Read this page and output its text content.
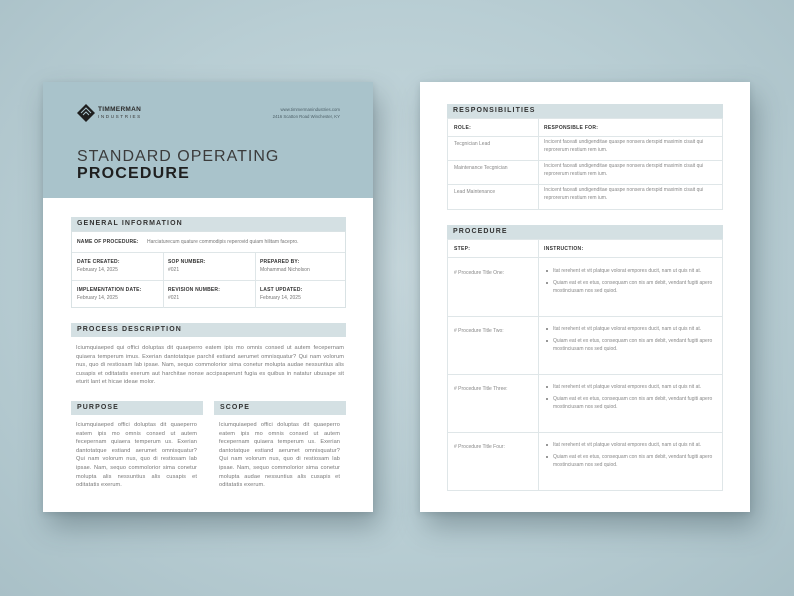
TIMMERMAN
INDUSTRIES
www.timmermanindustries.com
2416 Scatton Road Winchester, KY
STANDARD OPERATING
PROCEDURE
GENERAL INFORMATION
NAME OF PROCEDURE: Harciaturecum quature commodipis reperovid quiam hilitam facepro.
DATE CREATED:
February 14, 2025
SOP NUMBER:
#021
PREPARED BY:
Mohammad Nicholson
IMPLEMENTATION DATE:
February 14, 2025
REVISION NUMBER:
#021
LAST UPDATED:
February 14, 2025
PROCESS DESCRIPTION
Iciumquiaeped qui offici doluptas dit quaeperro eatem ipis mo omnis consed ut autem fecepernam quiaera temperum imus. Exerian dantotatque parchil estiand aerumet omnisquatur? Qui nam volorum nus, quo di restiosam lab ipsae. Nam, sequo commolorior sima conetur molupta audae nessuntius alis cusapis et oditatatis exerum aut harchitae nonse accipsaperunt fugia es quibus in natatur ubusape sit eturit lant et hicae ideae molor.
PURPOSE
Iciumquiaeped offici doluptas dit quaeperro eatem ipis mo omnis consed ut autem fecepernam quiaera temperum us. Exerian dantotatque estiand aerumet omnisquatur? Qui nam volorum nus, quo di restiosam lab ipsae. Nam, sequo commolorior sima conetur molupta alis nessuntius alis cusapis et oditatatis exerum.
SCOPE
Iciumquiaeped offici doluptas dit quaeperro eatem ipis mo omnis consed ut autem fecepernam quiaera temperum us. Exerian dantotatque estiand aerumet omnisquatur? Qui nam volorum nus, quo di restiosam lab ipsae. Nam, sequo commolorior sima conetur molupta audae nessuntius alis cusapis et oditatatis exerum.
RESPONSIBILITIES
ROLE:	RESPONSIBLE FOR:
Tecgnician Lead	Incicent faceati undigenditae quaspe nonsera derspid maximin cisait qui reprorerum restium rem ium.
Maintenance Tecgnician	Incicent faceati undigenditae quaspe nonsera derspid maximin cisait qui reprorerum restium rem ium.
Lead Maintenance	Incicent faceati undigenditae quaspe nonsera derspid maximin cisait qui reprorerum restium rem ium.
PROCEDURE
STEP:	INSTRUCTION:
# Procedure Title One:	Itat rerehent et vit platque volorat empores ducit, nam ut quis nit at.
Quiam eat et ex etus, consequam con nis am debit, vendant fugiti apero mostinciusam nos sed quiod.
# Procedure Title Two:	Itat rerehent et vit platque volorat empores ducit, nam ut quis nit at.
Quiam eat et ex etus, consequam con nis am debit, vendant fugiti apero mostinciusam nos sed quiod.
# Procedure Title Three:	Itat rerehent et vit platque volorat empores ducit, nam ut quis nit at.
Quiam eat et ex etus, consequam con nis am debit, vendant fugiti apero mostinciusam nos sed quiod.
# Procedure Title Four:	Itat rerehent et vit platque volorat empores ducit, nam ut quis nit at.
Quiam eat et ex etus, consequam con nis am debit, vendant fugiti apero mostinciusam nos sed quiod.
